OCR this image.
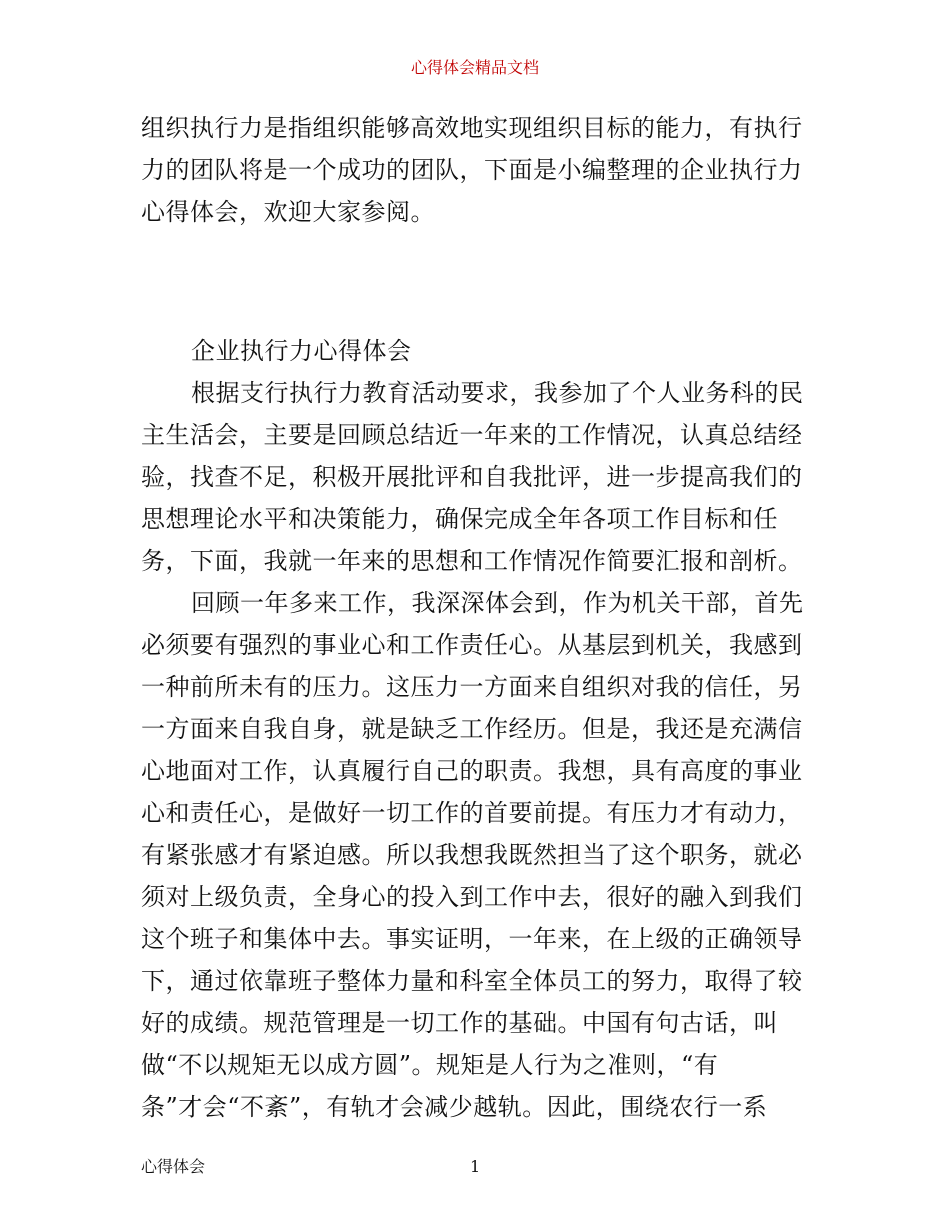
心得体会精品文档
组织执行力是指组织能够高效地实现组织目标的能力，有执行
力的团队将是一个成功的团队，下面是小编整理的企业执行力
心得体会，欢迎大家参阅。
企业执行力心得体会
根据支行执行力教育活动要求，我参加了个人业务科的民
主生活会，主要是回顾总结近一年来的工作情况，认真总结经
验，找查不足，积极开展批评和自我批评，进一步提高我们的
思想理论水平和决策能力，确保完成全年各项工作目标和任
务，下面，我就一年来的思想和工作情况作简要汇报和剖析。
回顾一年多来工作，我深深体会到，作为机关干部，首先
必须要有强烈的事业心和工作责任心。从基层到机关，我感到
一种前所未有的压力。这压力一方面来自组织对我的信任，另
一方面来自我自身，就是缺乏工作经历。但是，我还是充满信
心地面对工作，认真履行自己的职责。我想，具有高度的事业
心和责任心，是做好一切工作的首要前提。有压力才有动力，
有紧张感才有紧迫感。所以我想我既然担当了这个职务，就必
须对上级负责，全身心的投入到工作中去，很好的融入到我们
这个班子和集体中去。事实证明，一年来，在上级的正确领导
下，通过依靠班子整体力量和科室全体员工的努力，取得了较
好的成绩。规范管理是一切工作的基础。中国有句古话，叫
做“不以规矩无以成方圆”。规矩是人行为之准则，“有
条”才会“不紊”，有轨才会减少越轨。因此，围绕农行一系
心得体会	1
